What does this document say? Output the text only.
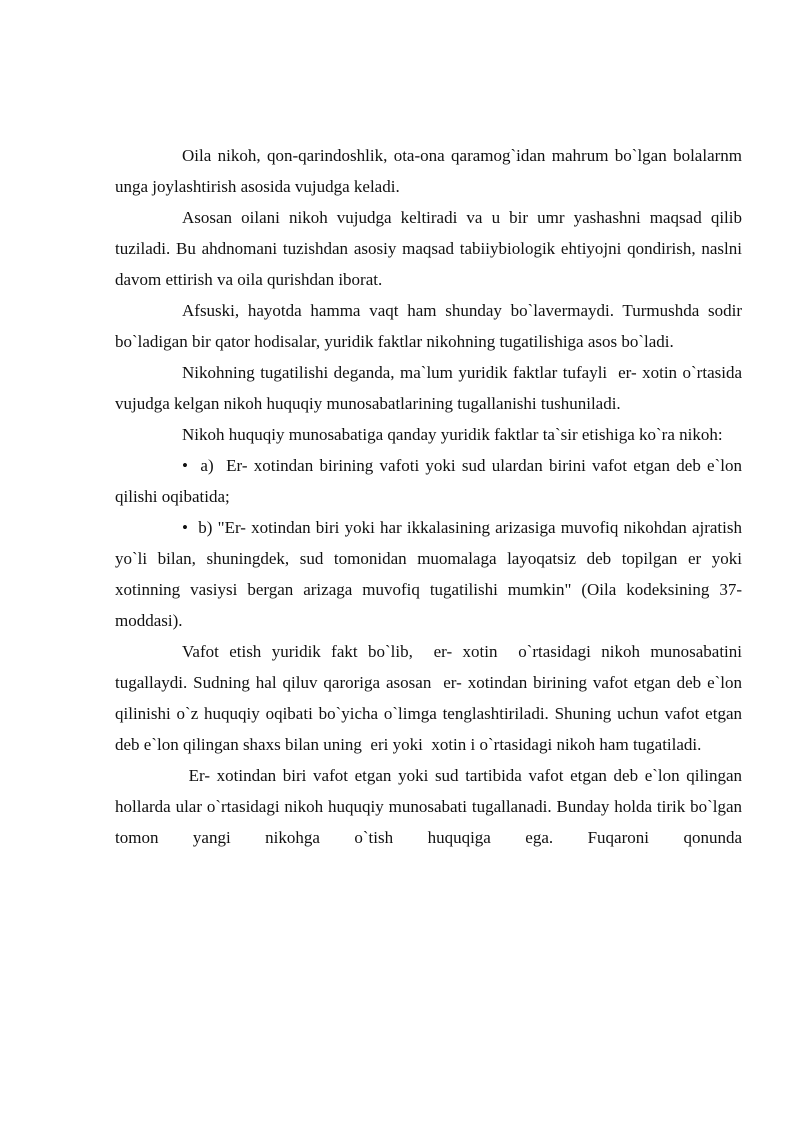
Oila nikoh, qon-qarindoshlik, ota-ona qaramog`idan mahrum bo`lgan bolalarnm unga joylashtirish asosida vujudga keladi.

Asosan oilani nikoh vujudga keltiradi va u bir umr yashashni maqsad qilib tuziladi. Bu ahdnomani tuzishdan asosiy maqsad tabiiybiologik ehtiyojni qondirish, naslni davom ettirish va oila qurishdan iborat.

Afsuski, hayotda hamma vaqt ham shunday bo`lavermaydi. Turmushda sodir bo`ladigan bir qator hodisalar, yuridik faktlar nikohning tugatilishiga asos bo`ladi.

Nikohning tugatilishi deganda, ma`lum yuridik faktlar tufayli  er- xotin o`rtasida vujudga kelgan nikoh huquqiy munosabatlarining tugallanishi tushuniladi.

Nikoh huquqiy munosabatiga qanday yuridik faktlar ta`sir etishiga ko`ra nikoh:

•  a)  Er- xotindan birining vafoti yoki sud ulardan birini vafot etgan deb e`lon qilishi oqibatida;

•  b) "Er- xotindan biri yoki har ikkalasining arizasiga muvofiq nikohdan ajratish yo`li bilan, shuningdek, sud tomonidan muomalaga layoqatsiz deb topilgan er yoki  xotinning vasiysi bergan arizaga muvofiq tugatilishi mumkin" (Oila kodeksining 37-moddasi).

Vafot etish yuridik fakt bo`lib,  er- xotin  o`rtasidagi nikoh munosabatini tugallaydi. Sudning hal qiluv qaroriga asosan  er- xotindan birining vafot etgan deb e`lon qilinishi o`z huquqiy oqibati bo`yicha o`limga tenglashtiriladi. Shuning uchun vafot etgan deb e`lon qilingan shaxs bilan uning  eri yoki  xotin i o`rtasidagi nikoh ham tugatiladi.

Er- xotindan biri vafot etgan yoki sud tartibida vafot etgan deb e`lon qilingan hollarda ular o`rtasidagi nikoh huquqiy munosabati tugallanadi. Bunday holda tirik bo`lgan tomon yangi nikohga o`tish huquqiga ega. Fuqaroni qonunda
